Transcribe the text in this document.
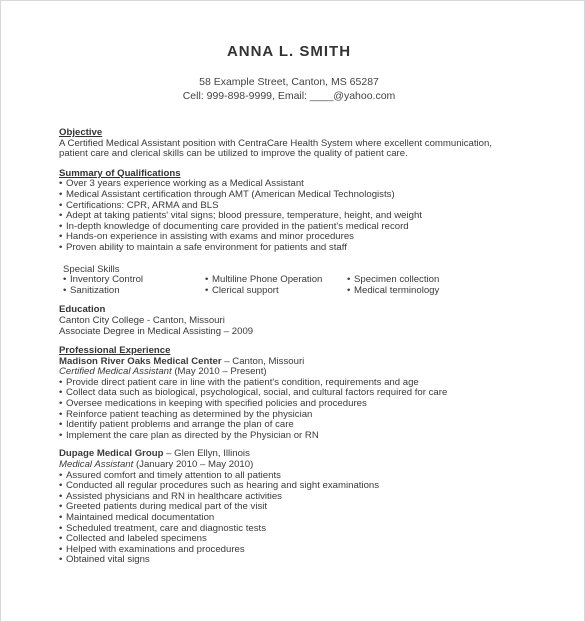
ANNA L. SMITH
58 Example Street, Canton, MS 65287
Cell: 999-898-9999, Email: ____@yahoo.com
Objective

A Certified Medical Assistant position with CentraCare Health System where excellent communication,

patient care and clerical skills can be utilized to improve the quality of patient care.

Summary of Qualifications
• Over 3 years experience working as a Medical Assistant
• Medical Assistant certification through AMT (American Medical Technologists)
• Certifications: CPR, ARMA and BLS
• Adept at taking patients' vital signs; blood pressure, temperature, height, and weight
• In-depth knowledge of documenting care provided in the patient's medical record
• Hands-on experience in assisting with exams and minor procedures
• Proven ability to maintain a safe environment for patients and staff
Special Skills
• Inventory Control	• Multiline Phone Operation	• Specimen collection
• Sanitization	• Clerical support	• Medical terminology
Education

Canton City College - Canton, Missouri

Associate Degree in Medical Assisting – 2009

Professional Experience

Madison River Oaks Medical Center – Canton, Missouri

Certified Medical Assistant (May 2010 – Present)

• Provide direct patient care in line with the patient's condition, requirements and age
• Collect data such as biological, psychological, social, and cultural factors required for care
• Oversee medications in keeping with specified policies and procedures
• Reinforce patient teaching as determined by the physician
• Identify patient problems and arrange the plan of care
• Implement the care plan as directed by the Physician or RN

Dupage Medical Group – Glen Ellyn, Illinois

Medical Assistant (January 2010 – May 2010)

• Assured comfort and timely attention to all patients
• Conducted all regular procedures such as hearing and sight examinations
• Assisted physicians and RN in healthcare activities
• Greeted patients during medical part of the visit
• Maintained medical documentation
• Scheduled treatment, care and diagnostic tests
• Collected and labeled specimens
• Helped with examinations and procedures
• Obtained vital signs
